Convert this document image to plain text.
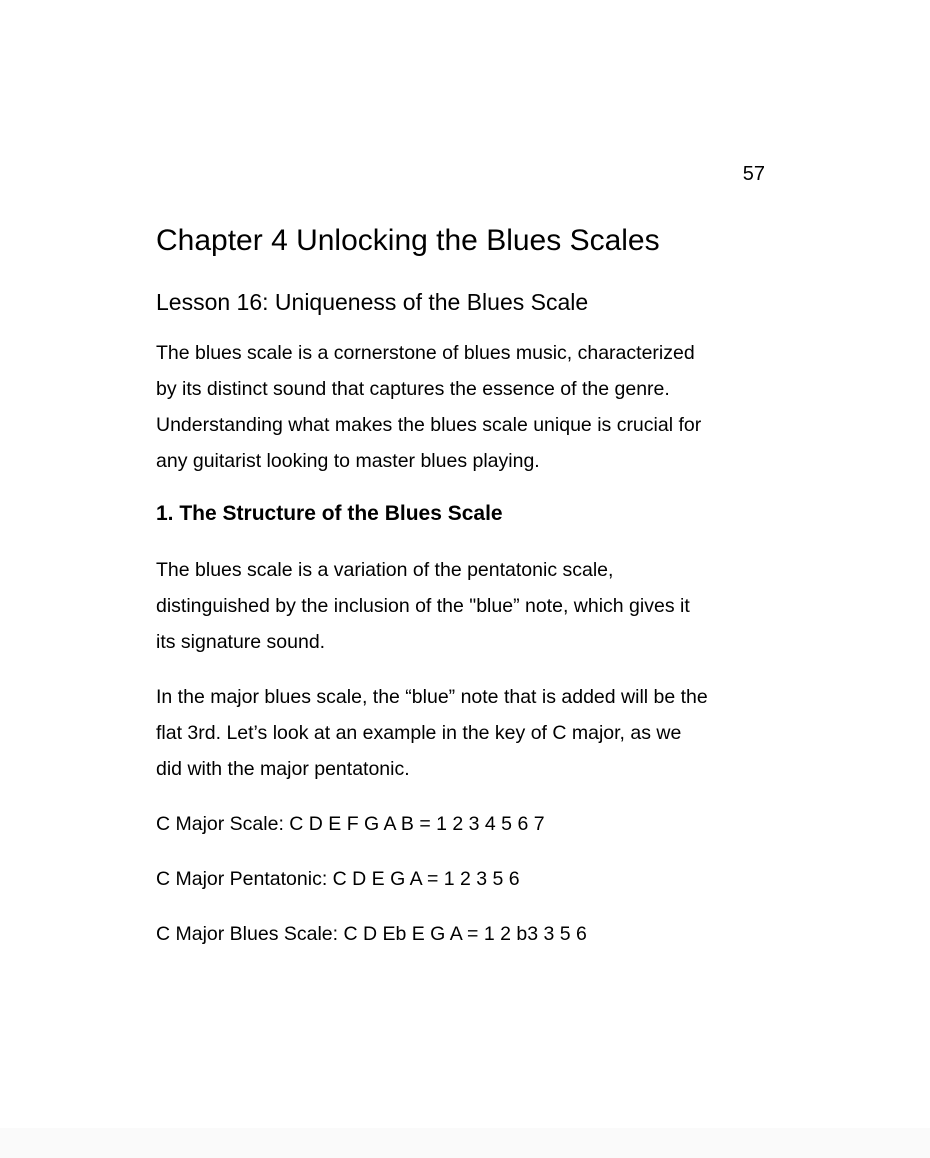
57
Chapter 4 Unlocking the Blues Scales
Lesson 16: Uniqueness of the Blues Scale
The blues scale is a cornerstone of blues music, characterized
by its distinct sound that captures the essence of the genre.
Understanding what makes the blues scale unique is crucial for
any guitarist looking to master blues playing.
1. The Structure of the Blues Scale
The blues scale is a variation of the pentatonic scale,
distinguished by the inclusion of the "blue” note, which gives it
its signature sound.
In the major blues scale, the “blue” note that is added will be the
flat 3rd. Let’s look at an example in the key of C major, as we
did with the major pentatonic.

C Major Scale: C D E F G A B = 1 2 3 4 5 6 7

C Major Pentatonic: C D E G A = 1 2 3 5 6

C Major Blues Scale: C D Eb E G A = 1 2 b3 3 5 6
